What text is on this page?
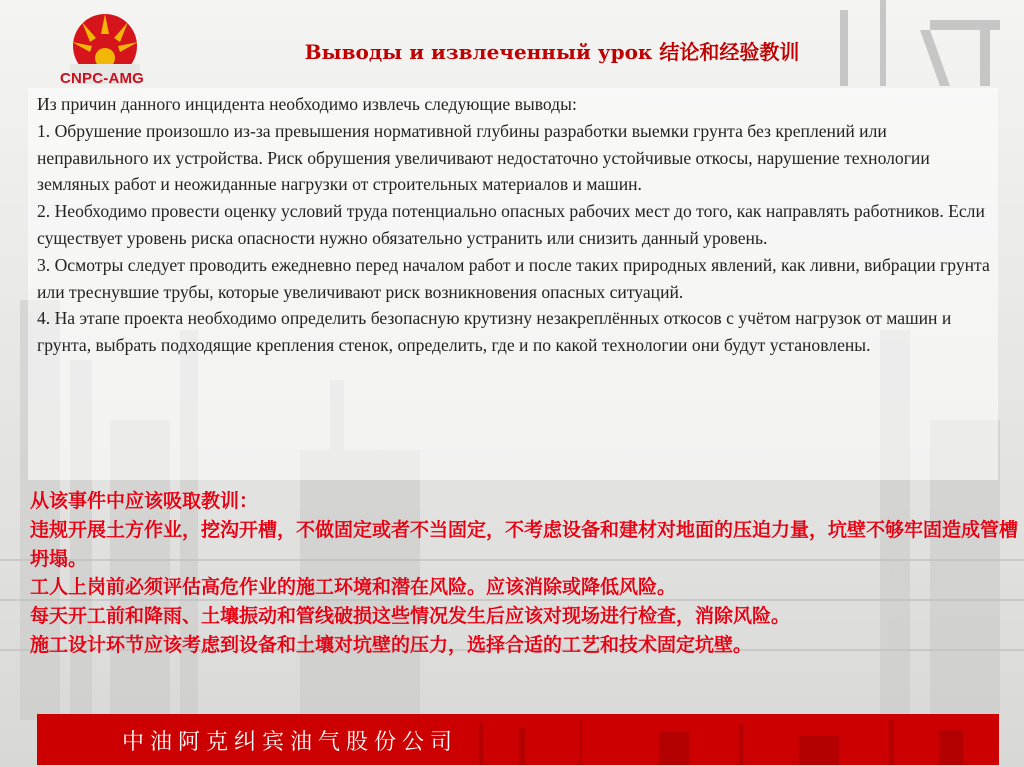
CNPC-AMG
Выводы и извлеченный урок 结论和经验教训

Из причин данного инцидента необходимо извлечь следующие выводы:

1. Обрушение произошло из-за превышения нормативной глубины разработки выемки грунта без креплений или неправильного их устройства. Риск обрушения увеличивают недостаточно устойчивые откосы, нарушение технологии земляных работ и неожиданные нагрузки от строительных материалов и машин.

2. Необходимо провести оценку условий труда потенциально опасных рабочих мест до того, как направлять работников. Если существует уровень риска опасности нужно обязательно устранить или снизить данный уровень.

3. Осмотры следует проводить ежедневно перед началом работ и после таких природных явлений, как ливни, вибрации грунта или треснувшие трубы, которые увеличивают риск возникновения опасных ситуаций.

4. На этапе проекта необходимо определить безопасную крутизну незакреплённых откосов с учётом нагрузок от машин и грунта, выбрать подходящие крепления стенок, определить, где и по какой технологии они будут установлены.

从该事件中应该吸取教训：

违规开展土方作业，挖沟开槽，不做固定或者不当固定，不考虑设备和建材对地面的压迫力量，坑壁不够牢固造成管槽坍塌。

工人上岗前必须评估高危作业的施工环境和潜在风险。应该消除或降低风险。

每天开工前和降雨、土壤振动和管线破损这些情况发生后应该对现场进行检查，消除风险。

施工设计环节应该考虑到设备和土壤对坑壁的压力，选择合适的工艺和技术固定坑壁。

中油阿克纠宾油气股份公司
